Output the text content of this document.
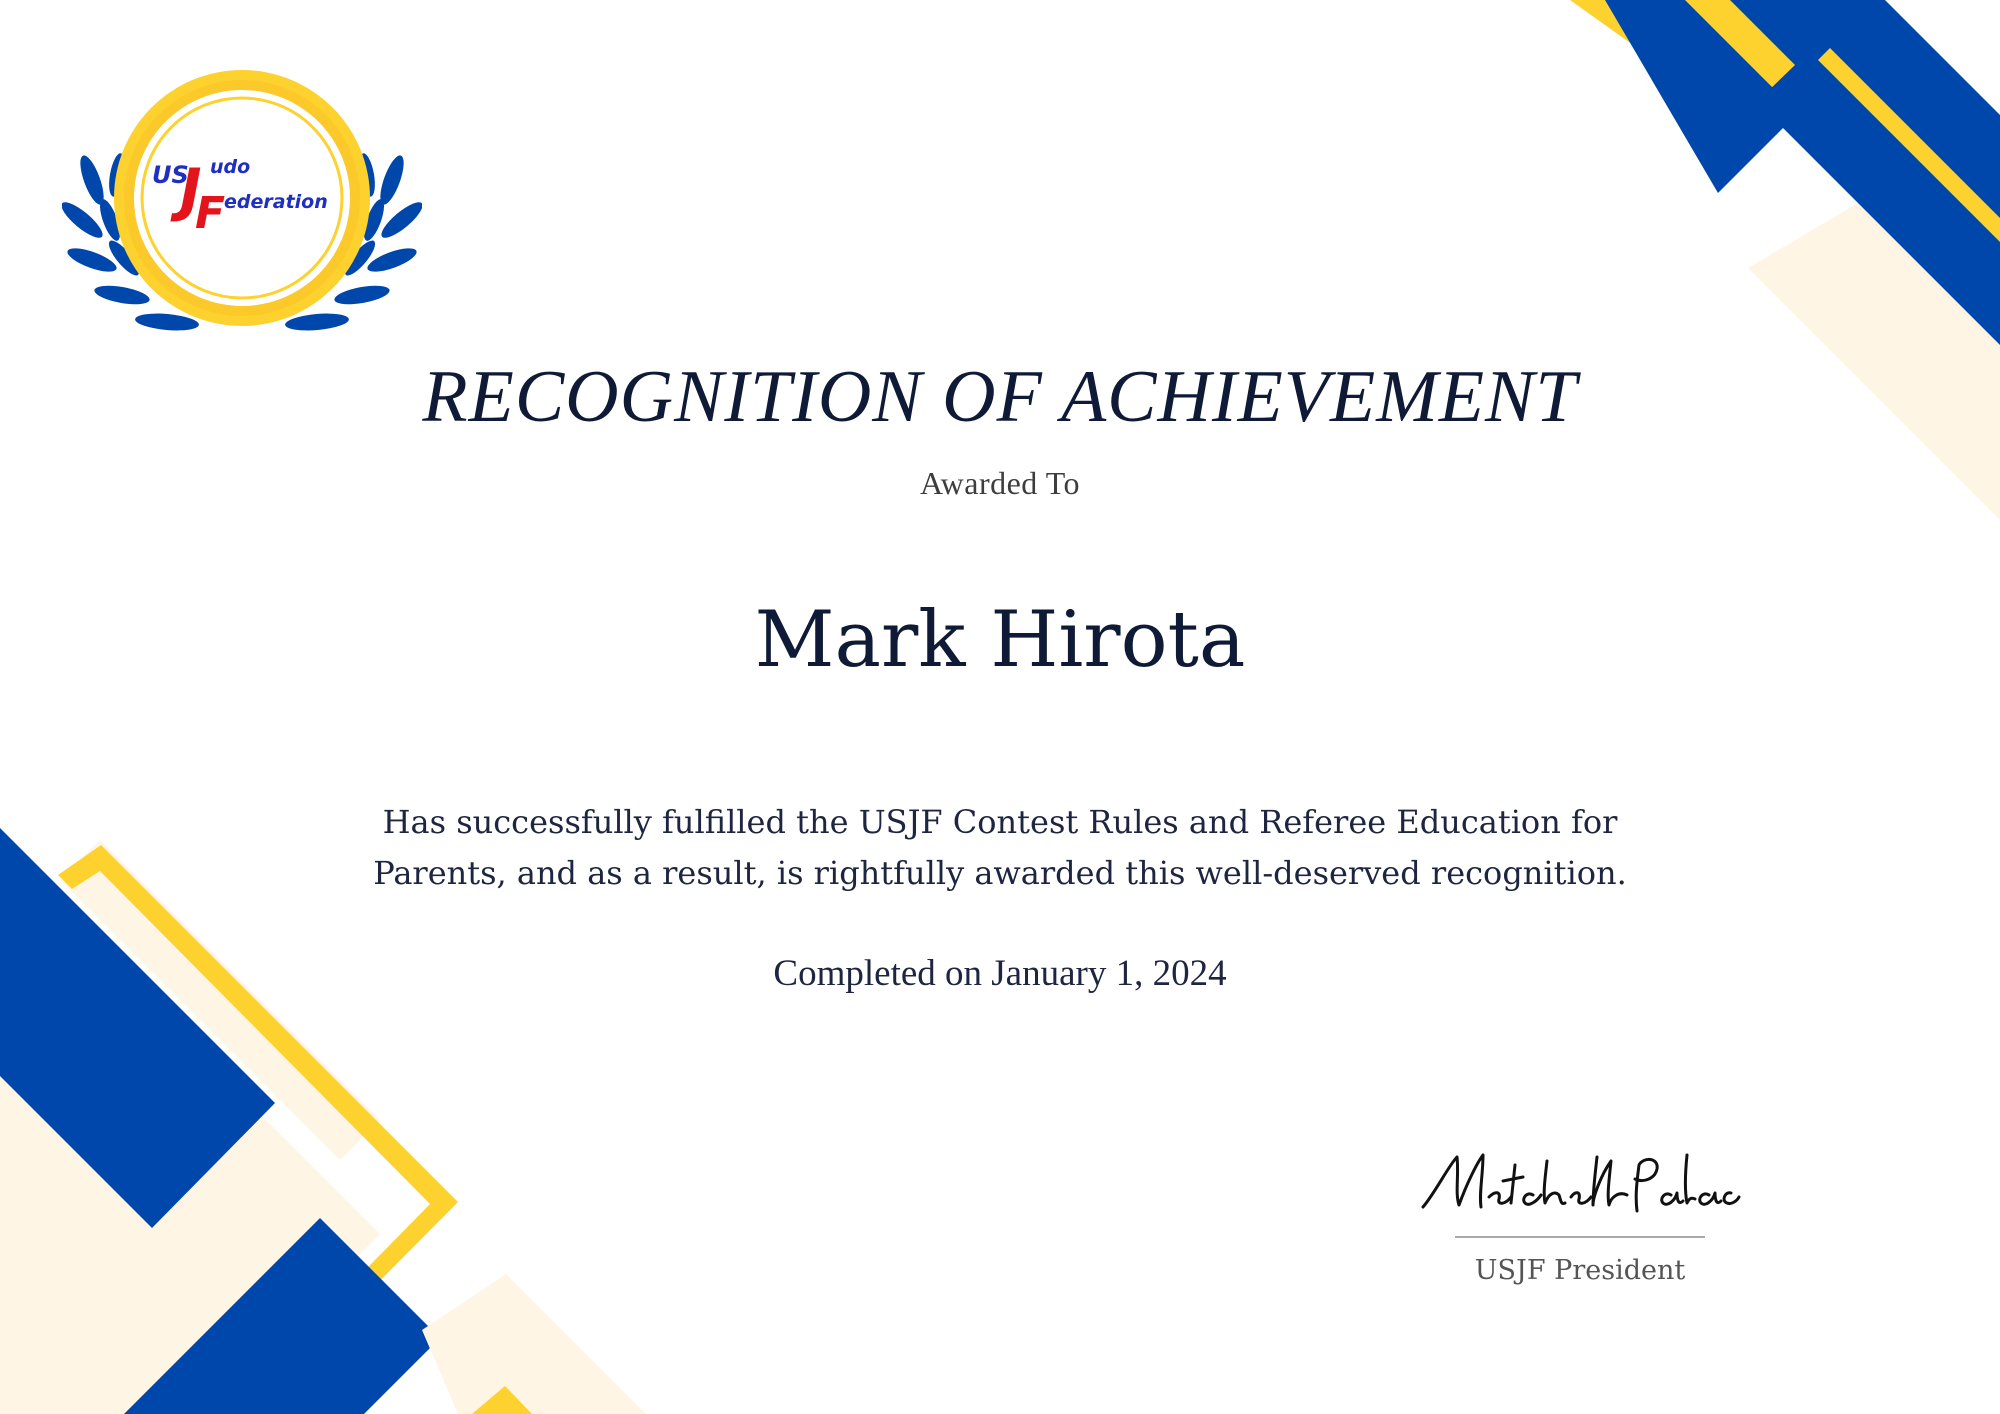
US
J udo
F
ederation
RECOGNITION OF ACHIEVEMENT
Awarded To
Mark Hirota
Has successfully fulfilled the USJF Contest Rules and Referee Education for Parents, and as a result, is rightfully awarded this well-deserved recognition.
Completed on January 1, 2024
USJF President
